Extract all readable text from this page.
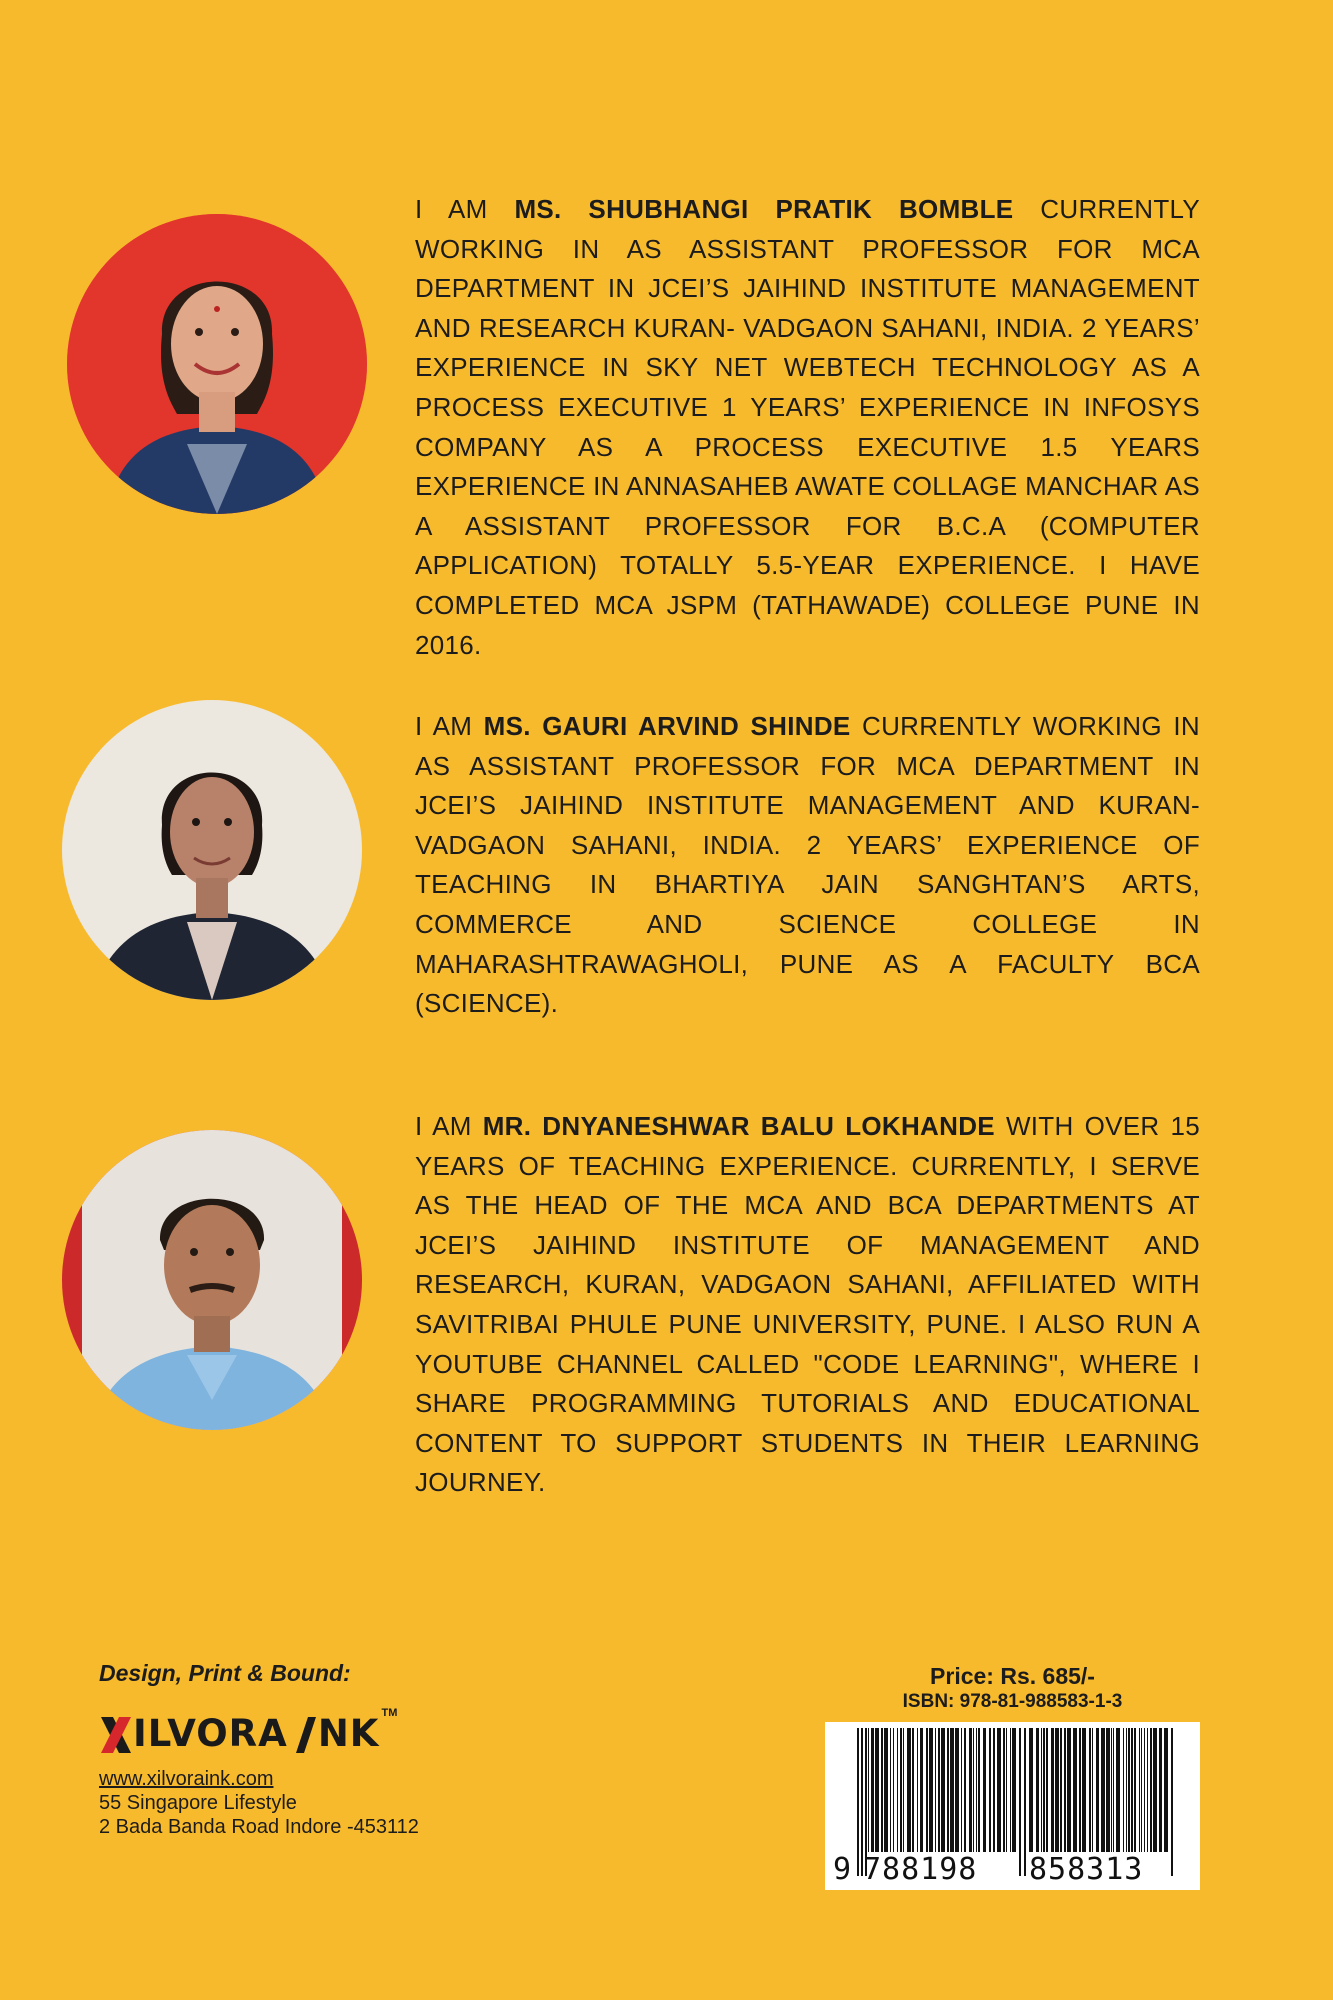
I AM MS. SHUBHANGI PRATIK BOMBLE CURRENTLY WORKING IN AS ASSISTANT PROFESSOR FOR MCA DEPARTMENT IN JCEI’S JAIHIND INSTITUTE MANAGEMENT AND RESEARCH KURAN- VADGAON SAHANI, INDIA. 2 YEARS’ EXPERIENCE IN SKY NET WEBTECH TECHNOLOGY AS A PROCESS EXECUTIVE 1 YEARS’ EXPERIENCE IN INFOSYS COMPANY AS A PROCESS EXECUTIVE 1.5 YEARS EXPERIENCE IN ANNASAHEB AWATE COLLAGE MANCHAR AS A ASSISTANT PROFESSOR FOR B.C.A (COMPUTER APPLICATION) TOTALLY 5.5-YEAR EXPERIENCE. I HAVE COMPLETED MCA JSPM (TATHAWADE) COLLEGE PUNE IN 2016.

I AM MS. GAURI ARVIND SHINDE CURRENTLY WORKING IN AS ASSISTANT PROFESSOR FOR MCA DEPARTMENT IN JCEI’S JAIHIND INSTITUTE MANAGEMENT AND KURAN- VADGAON SAHANI, INDIA. 2 YEARS’ EXPERIENCE OF TEACHING IN BHARTIYA JAIN SANGHTAN’S ARTS, COMMERCE AND SCIENCE COLLEGE IN MAHARASHTRAWAGHOLI, PUNE AS A FACULTY BCA (SCIENCE).

I AM MR. DNYANESHWAR BALU LOKHANDE WITH OVER 15 YEARS OF TEACHING EXPERIENCE. CURRENTLY, I SERVE AS THE HEAD OF THE MCA AND BCA DEPARTMENTS AT JCEI’S JAIHIND INSTITUTE OF MANAGEMENT AND RESEARCH, KURAN, VADGAON SAHANI, AFFILIATED WITH SAVITRIBAI PHULE PUNE UNIVERSITY, PUNE. I ALSO RUN A YOUTUBE CHANNEL CALLED "CODE LEARNING", WHERE I SHARE PROGRAMMING TUTORIALS AND EDUCATIONAL CONTENT TO SUPPORT STUDENTS IN THEIR LEARNING JOURNEY.

Design, Print & Bound:
ILVORA NK TM
www.xilvoraink.com
55 Singapore Lifestyle
2 Bada Banda Road Indore -453112
Price: Rs. 685/-
ISBN: 978-81-988583-1-3
9 788198 858313
